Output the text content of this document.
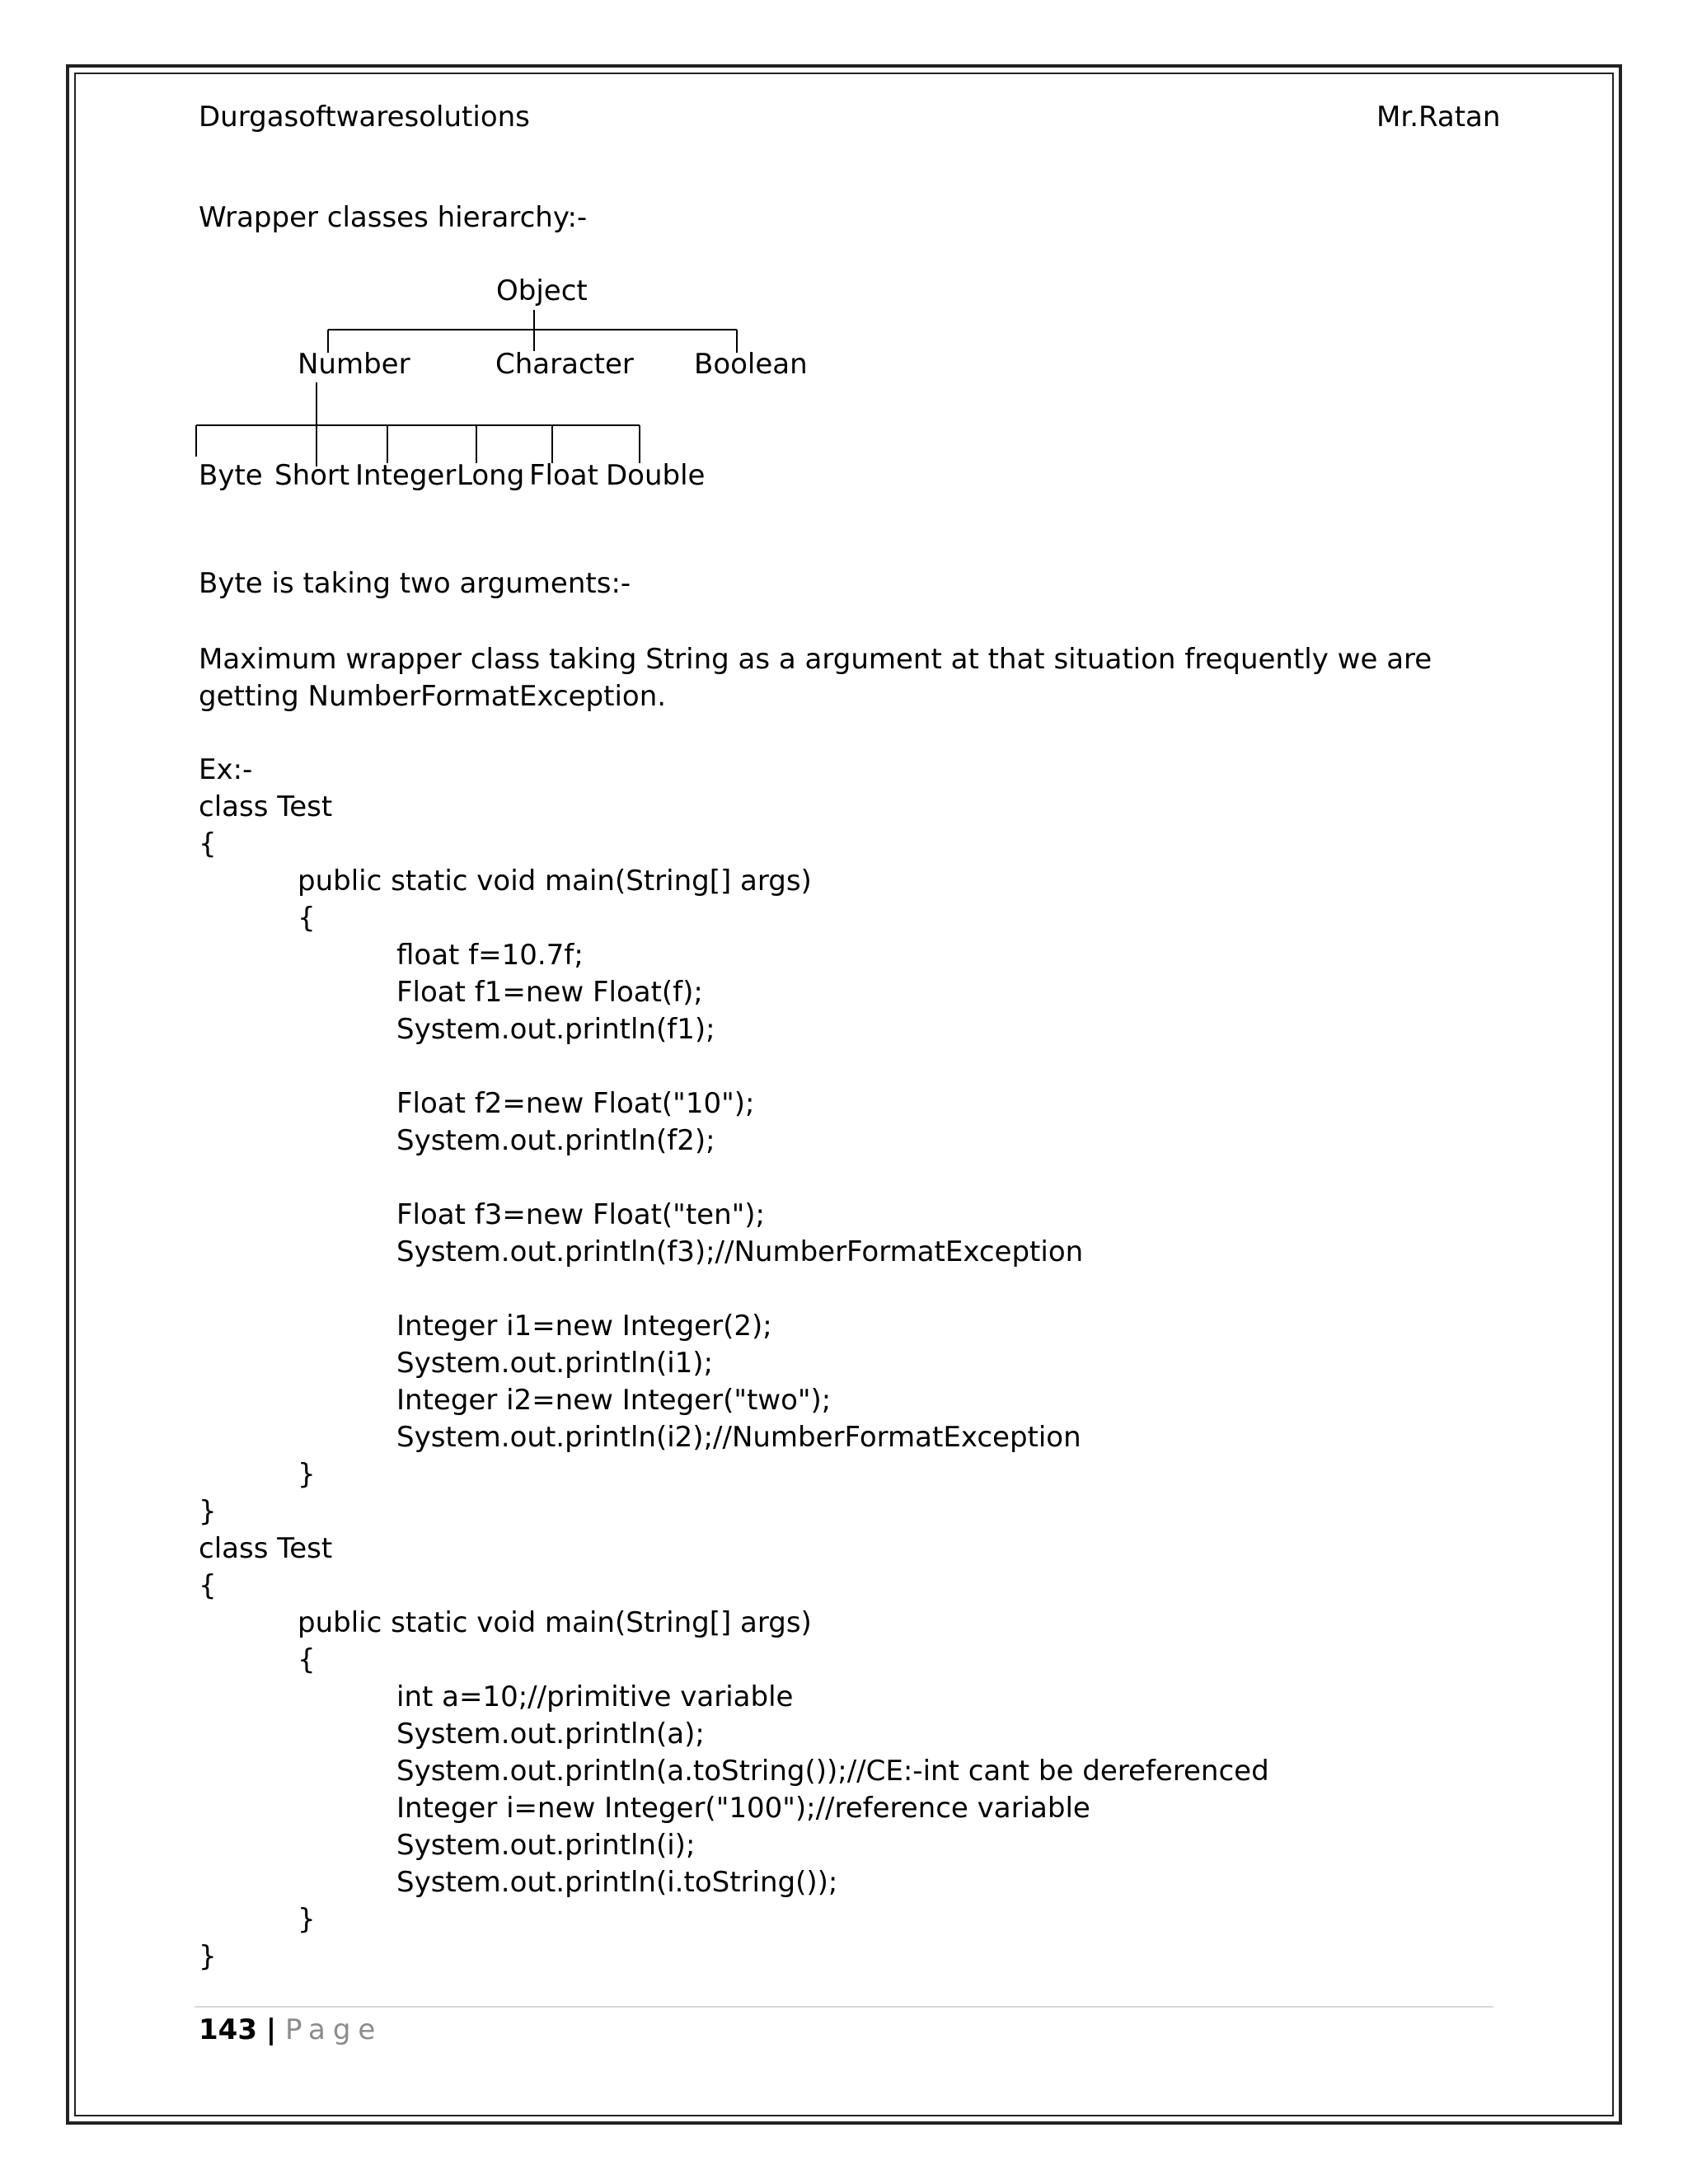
Durgasoftwaresolutions	Mr.Ratan
Wrapper classes hierarchy:-
Object
Number	Character Boolean
Byte Short Integer Long Float Double
Byte is taking two arguments:-
Maximum wrapper class taking String as a argument at that situation frequently we are getting NumberFormatException.
Ex:-
class Test
{
public static void main(String[] args)
{
float f=10.7f;
Float f1=new Float(f);
System.out.println(f1);
Float f2=new Float("10");
System.out.println(f2);
Float f3=new Float("ten");
System.out.println(f3);//NumberFormatException
Integer i1=new Integer(2);
System.out.println(i1);
Integer i2=new Integer("two");
System.out.println(i2);//NumberFormatException
}
}
class Test
{
public static void main(String[] args)
{
int a=10;//primitive variable
System.out.println(a);
System.out.println(a.toString());//CE:-int cant be dereferenced
Integer i=new Integer("100");//reference variable
System.out.println(i);
System.out.println(i.toString());
}
}
143 | Page
